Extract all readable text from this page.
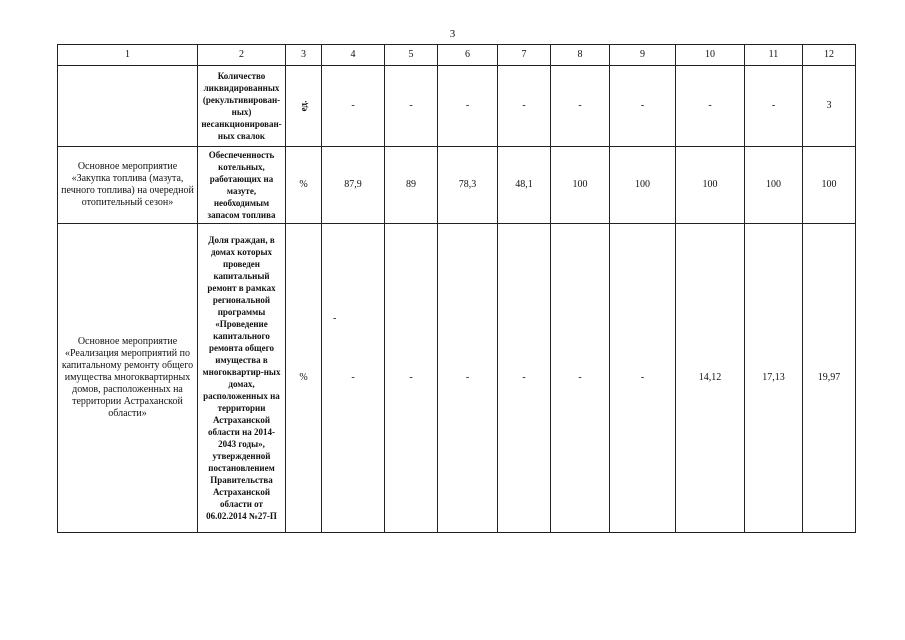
3
1	2	3	4	5	6	7	8	9	10	11	12
	Количество ликвидированных (рекультивирован-ных) несанкционирован-ных свалок	ед.	-	-	-	-	-	-	-	-	3
Основное мероприятие «Закупка топлива (мазута, печного топлива) на очередной отопительный сезон»	Обеспеченность котельных, работающих на мазуте, необходимым запасом топлива	%	87,9	89	78,3	48,1	100	100	100	100	100
Основное мероприятие «Реализация мероприятий по капитальному ремонту общего имущества многоквартирных домов, расположенных на территории Астраханской области»	Доля граждан, в домах которых проведен капитальный ремонт в рамках региональной программы «Проведение капитального ремонта общего имущества в многоквартир-ных домах, расположенных на территории Астраханской области на 2014-2043 годы», утвержденной постановлением Правительства Астраханской области от 06.02.2014 №27-П	%	-	-	-	-	-	-	14,12	17,13	19,97
-
